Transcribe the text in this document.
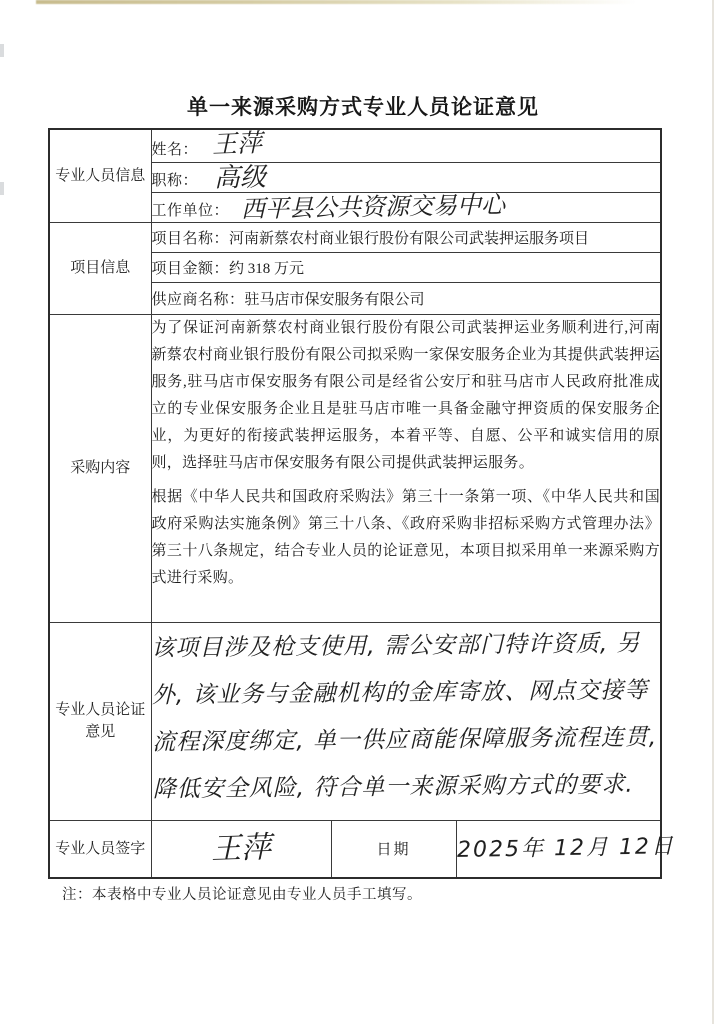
单一来源采购方式专业人员论证意见
专业人员信息	姓名： 王萍		
	职称： 高级		
	工作单位： 西平县公共资源交易中心		
项目信息	项目名称：河南新蔡农村商业银行股份有限公司武装押运服务项目		
	项目金额：约 318 万元		
	供应商名称：驻马店市保安服务有限公司		
采购内容	为了保证河南新蔡农村商业银行股份有限公司武装押运业务顺利进行,河南新蔡农村商业银行股份有限公司拟采购一家保安服务企业为其提供武装押运服务,驻马店市保安服务有限公司是经省公安厅和驻马店市人民政府批准成立的专业保安服务企业且是驻马店市唯一具备金融守押资质的保安服务企业，为更好的衔接武装押运服务，本着平等、自愿、公平和诚实信用的原则，选择驻马店市保安服务有限公司提供武装押运服务。

根据《中华人民共和国政府采购法》第三十一条第一项、《中华人民共和国政府采购法实施条例》第三十八条、《政府采购非招标采购方式管理办法》第三十八条规定，结合专业人员的论证意见，本项目拟采用单一来源采购方式进行采购。		

专业人员论证意见	该项目涉及枪支使用, 需公安部门特许资质, 另外, 该业务与金融机构的金库寄放、网点交接等流程深度绑定, 单一供应商能保障服务流程连贯, 降低安全风险, 符合单一来源采购方式的要求.		
专业人员签字	王萍	日期	2025年 12月 12日
注：本表格中专业人员论证意见由专业人员手工填写。
